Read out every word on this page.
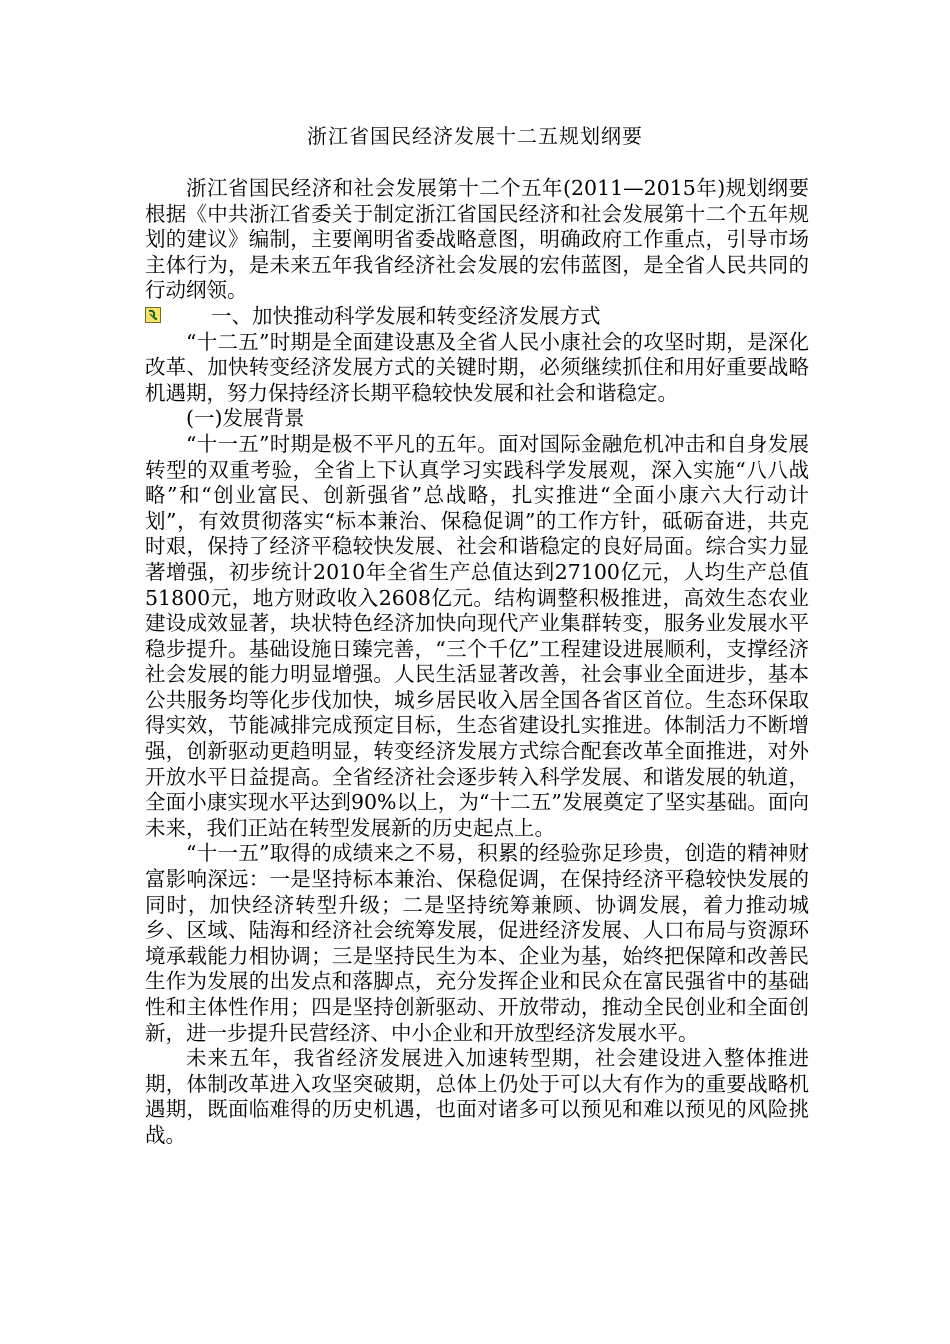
浙江省国民经济发展十二五规划纲要

浙江省国民经济和社会发展第十二个五年(2011—2015年)规划纲要根据《中共浙江省委关于制定浙江省国民经济和社会发展第十二个五年规划的建议》编制，主要阐明省委战略意图，明确政府工作重点，引导市场主体行为，是未来五年我省经济社会发展的宏伟蓝图，是全省人民共同的行动纲领。

一、加快推动科学发展和转变经济发展方式

“十二五”时期是全面建设惠及全省人民小康社会的攻坚时期，是深化改革、加快转变经济发展方式的关键时期，必须继续抓住和用好重要战略机遇期，努力保持经济长期平稳较快发展和社会和谐稳定。

(一)发展背景

“十一五”时期是极不平凡的五年。面对国际金融危机冲击和自身发展转型的双重考验，全省上下认真学习实践科学发展观，深入实施“八八战略”和“创业富民、创新强省”总战略，扎实推进“全面小康六大行动计划”，有效贯彻落实“标本兼治、保稳促调”的工作方针，砥砺奋进，共克时艰，保持了经济平稳较快发展、社会和谐稳定的良好局面。综合实力显著增强，初步统计2010年全省生产总值达到27100亿元，人均生产总值51800元，地方财政收入2608亿元。结构调整积极推进，高效生态农业建设成效显著，块状特色经济加快向现代产业集群转变，服务业发展水平稳步提升。基础设施日臻完善，“三个千亿”工程建设进展顺利，支撑经济社会发展的能力明显增强。人民生活显著改善，社会事业全面进步，基本公共服务均等化步伐加快，城乡居民收入居全国各省区首位。生态环保取得实效，节能减排完成预定目标，生态省建设扎实推进。体制活力不断增强，创新驱动更趋明显，转变经济发展方式综合配套改革全面推进，对外开放水平日益提高。全省经济社会逐步转入科学发展、和谐发展的轨道，全面小康实现水平达到90%以上，为“十二五”发展奠定了坚实基础。面向未来，我们正站在转型发展新的历史起点上。

“十一五”取得的成绩来之不易，积累的经验弥足珍贵，创造的精神财富影响深远：一是坚持标本兼治、保稳促调，在保持经济平稳较快发展的同时，加快经济转型升级；二是坚持统筹兼顾、协调发展，着力推动城乡、区域、陆海和经济社会统筹发展，促进经济发展、人口布局与资源环境承载能力相协调；三是坚持民生为本、企业为基，始终把保障和改善民生作为发展的出发点和落脚点，充分发挥企业和民众在富民强省中的基础性和主体性作用；四是坚持创新驱动、开放带动，推动全民创业和全面创新，进一步提升民营经济、中小企业和开放型经济发展水平。

未来五年，我省经济发展进入加速转型期，社会建设进入整体推进期，体制改革进入攻坚突破期，总体上仍处于可以大有作为的重要战略机遇期，既面临难得的历史机遇，也面对诸多可以预见和难以预见的风险挑战。
